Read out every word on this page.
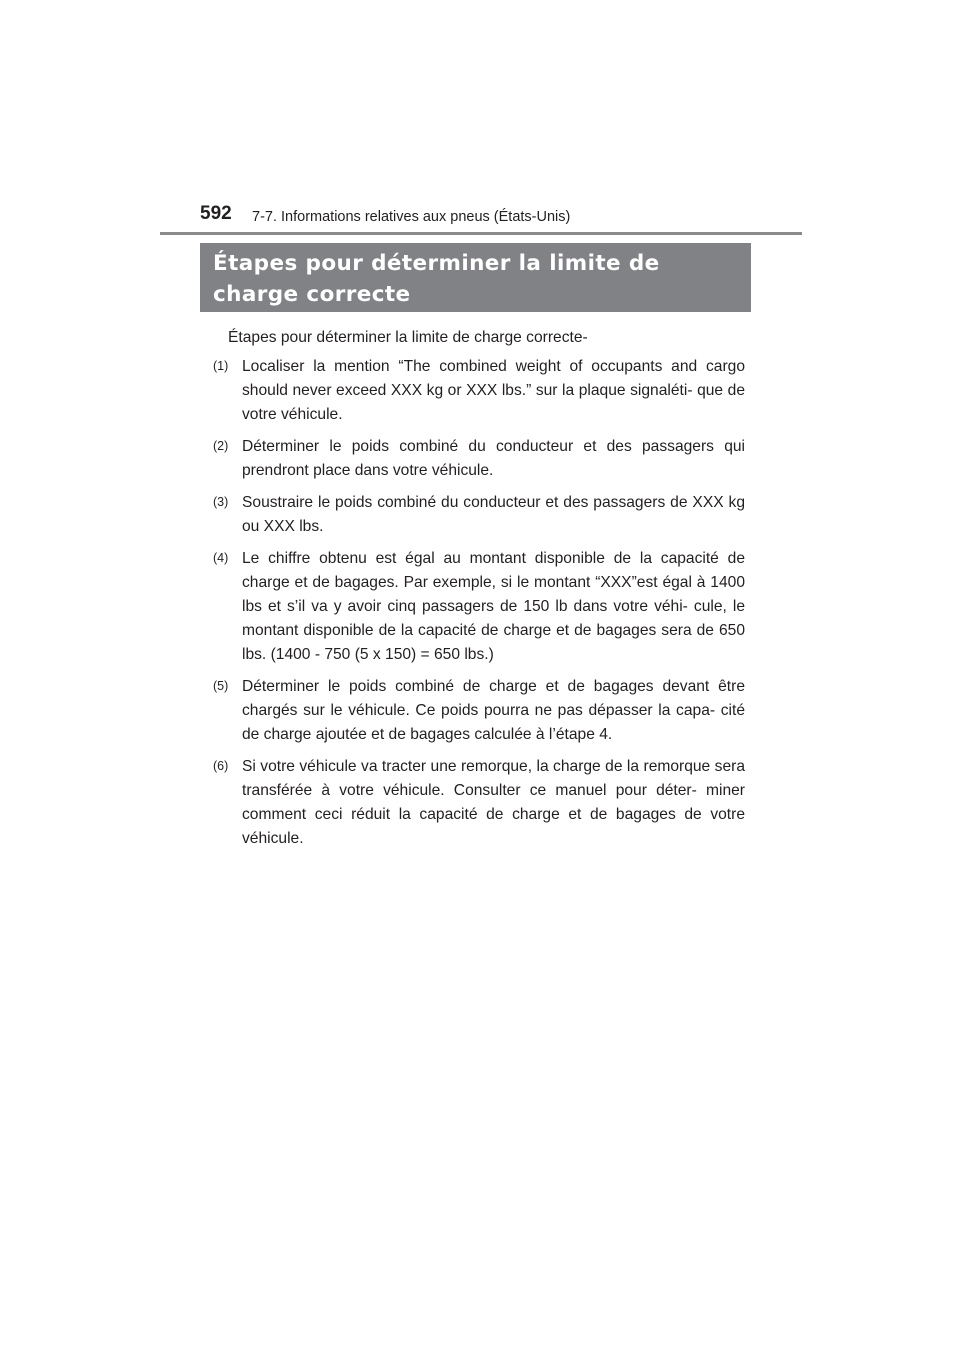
592 7-7. Informations relatives aux pneus (États-Unis)
Étapes pour déterminer la limite de charge correcte
Étapes pour déterminer la limite de charge correcte-
(1) Localiser la mention “The combined weight of occupants and cargo should never exceed XXX kg or XXX lbs.” sur la plaque signaléti- que de votre véhicule.
(2) Déterminer le poids combiné du conducteur et des passagers qui prendront place dans votre véhicule.
(3) Soustraire le poids combiné du conducteur et des passagers de XXX kg ou XXX lbs.
(4) Le chiffre obtenu est égal au montant disponible de la capacité de charge et de bagages. Par exemple, si le montant “XXX”est égal à 1400 lbs et s’il va y avoir cinq passagers de 150 lb dans votre véhi- cule, le montant disponible de la capacité de charge et de bagages sera de 650 lbs. (1400 - 750 (5 x 150) = 650 lbs.)
(5) Déterminer le poids combiné de charge et de bagages devant être chargés sur le véhicule. Ce poids pourra ne pas dépasser la capa- cité de charge ajoutée et de bagages calculée à l’étape 4.
(6) Si votre véhicule va tracter une remorque, la charge de la remorque sera transférée à votre véhicule. Consulter ce manuel pour déter- miner comment ceci réduit la capacité de charge et de bagages de votre véhicule.
